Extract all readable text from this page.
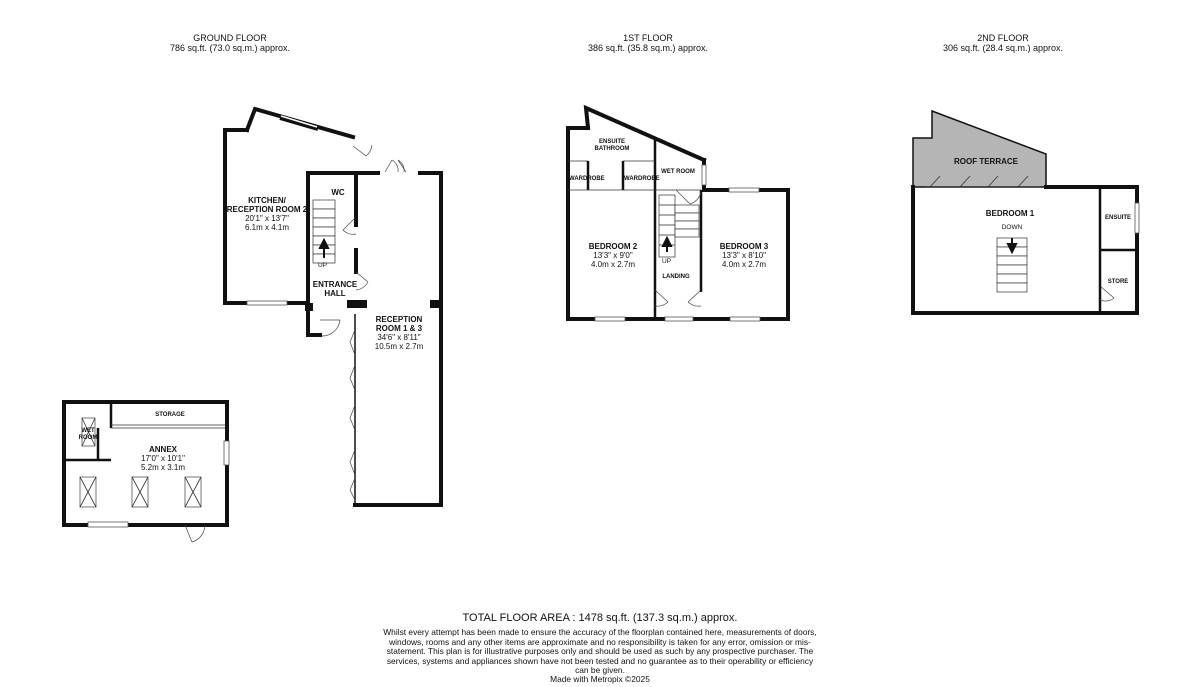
GROUND FLOOR
786 sq.ft. (73.0 sq.m.) approx.
1ST FLOOR
386 sq.ft. (35.8 sq.m.) approx.
2ND FLOOR
306 sq.ft. (28.4 sq.m.) approx.
KITCHEN/
RECEPTION ROOM 2
20'1" x 13'7"
6.1m x 4.1m
WC
ENTRANCE
HALL
RECEPTION
ROOM 1 & 3
34'6" x 8'11"
10.5m x 2.7m
UP
ANNEX
17'0" x 10'1"
5.2m x 3.1m
WET
ROOM
STORAGE
ENSUITE
BATHROOM
WARDROBE	WARDROBE
WET ROOM
BEDROOM 2
13'3" x 9'0"
4.0m x 2.7m
BEDROOM 3
13'3" x 8'10"
4.0m x 2.7m
LANDING
UP
ROOF TERRACE
BEDROOM 1	ENSUITE
STORE
DOWN
TOTAL FLOOR AREA : 1478 sq.ft. (137.3 sq.m.) approx.
Whilst every attempt has been made to ensure the accuracy of the floorplan contained here, measurements of doors, windows, rooms and any other items are approximate and no responsibility is taken for any error, omission or mis-statement. This plan is for illustrative purposes only and should be used as such by any prospective purchaser. The services, systems and appliances shown have not been tested and no guarantee as to their operability or efficiency can be given.
Made with Metropix ©2025
